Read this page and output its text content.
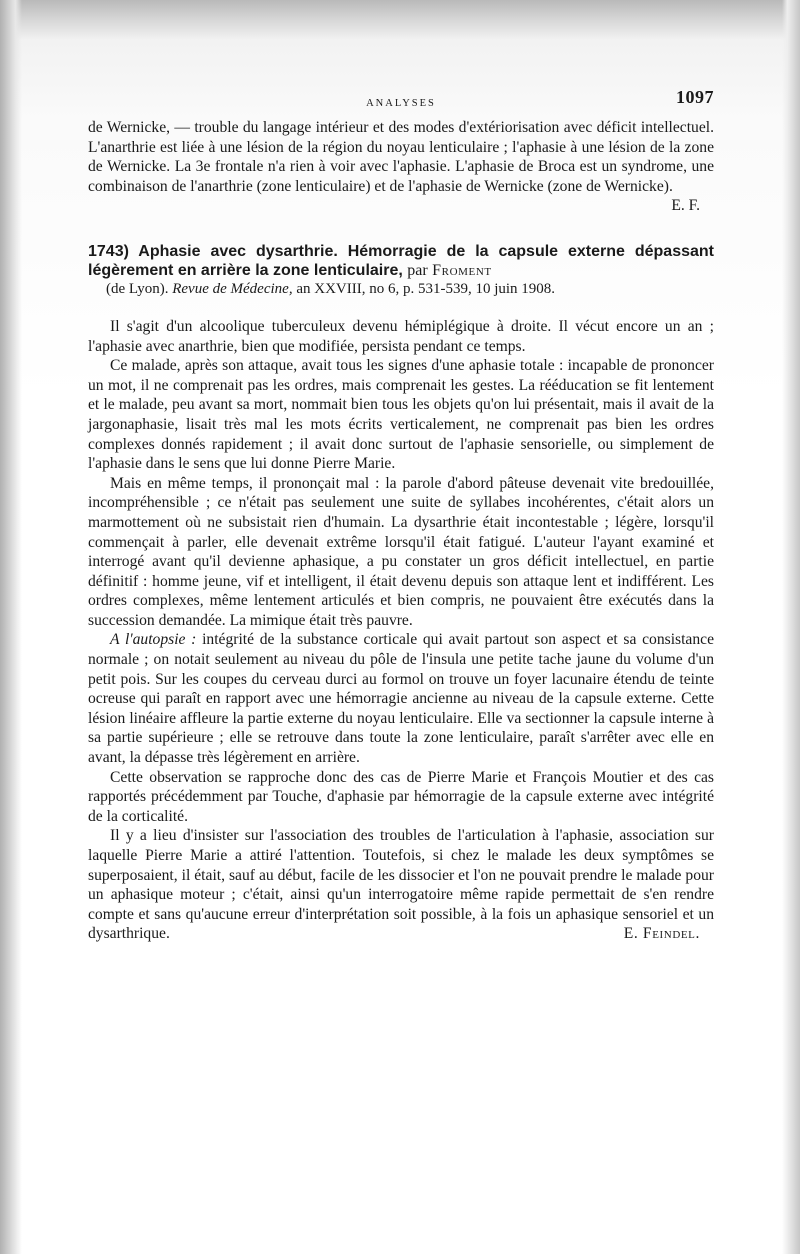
ANALYSES	1097

de Wernicke, — trouble du langage intérieur et des modes d'extériorisation avec déficit intellectuel. L'anarthrie est liée à une lésion de la région du noyau lenticulaire ; l'aphasie à une lésion de la zone de Wernicke. La 3e frontale n'a rien à voir avec l'aphasie. L'aphasie de Broca est un syndrome, une combinaison de l'anarthrie (zone lenticulaire) et de l'aphasie de Wernicke (zone de Wernicke).

E. F.

1743) Aphasie avec dysarthrie. Hémorragie de la capsule externe dépassant légèrement en arrière la zone lenticulaire, par Froment

(de Lyon). Revue de Médecine, an XXVIII, no 6, p. 531-539, 10 juin 1908.

Il s'agit d'un alcoolique tuberculeux devenu hémiplégique à droite. Il vécut encore un an ; l'aphasie avec anarthrie, bien que modifiée, persista pendant ce temps.

Ce malade, après son attaque, avait tous les signes d'une aphasie totale : incapable de prononcer un mot, il ne comprenait pas les ordres, mais comprenait les gestes. La rééducation se fit lentement et le malade, peu avant sa mort, nommait bien tous les objets qu'on lui présentait, mais il avait de la jargonaphasie, lisait très mal les mots écrits verticalement, ne comprenait pas bien les ordres complexes donnés rapidement ; il avait donc surtout de l'aphasie sensorielle, ou simplement de l'aphasie dans le sens que lui donne Pierre Marie.

Mais en même temps, il prononçait mal : la parole d'abord pâteuse devenait vite bredouillée, incompréhensible ; ce n'était pas seulement une suite de syllabes incohérentes, c'était alors un marmottement où ne subsistait rien d'humain. La dysarthrie était incontestable ; légère, lorsqu'il commençait à parler, elle devenait extrême lorsqu'il était fatigué. L'auteur l'ayant examiné et interrogé avant qu'il devienne aphasique, a pu constater un gros déficit intellectuel, en partie définitif : homme jeune, vif et intelligent, il était devenu depuis son attaque lent et indifférent. Les ordres complexes, même lentement articulés et bien compris, ne pouvaient être exécutés dans la succession demandée. La mimique était très pauvre.

A l'autopsie : intégrité de la substance corticale qui avait partout son aspect et sa consistance normale ; on notait seulement au niveau du pôle de l'insula une petite tache jaune du volume d'un petit pois. Sur les coupes du cerveau durci au formol on trouve un foyer lacunaire étendu de teinte ocreuse qui paraît en rapport avec une hémorragie ancienne au niveau de la capsule externe. Cette lésion linéaire affleure la partie externe du noyau lenticulaire. Elle va sectionner la capsule interne à sa partie supérieure ; elle se retrouve dans toute la zone lenticulaire, paraît s'arrêter avec elle en avant, la dépasse très légèrement en arrière.

Cette observation se rapproche donc des cas de Pierre Marie et François Moutier et des cas rapportés précédemment par Touche, d'aphasie par hémorragie de la capsule externe avec intégrité de la corticalité.

Il y a lieu d'insister sur l'association des troubles de l'articulation à l'aphasie, association sur laquelle Pierre Marie a attiré l'attention. Toutefois, si chez le malade les deux symptômes se superposaient, il était, sauf au début, facile de les dissocier et l'on ne pouvait prendre le malade pour un aphasique moteur ; c'était, ainsi qu'un interrogatoire même rapide permettait de s'en rendre compte et sans qu'aucune erreur d'interprétation soit possible, à la fois un aphasique sensoriel et un dysarthrique.	E. Feindel.
